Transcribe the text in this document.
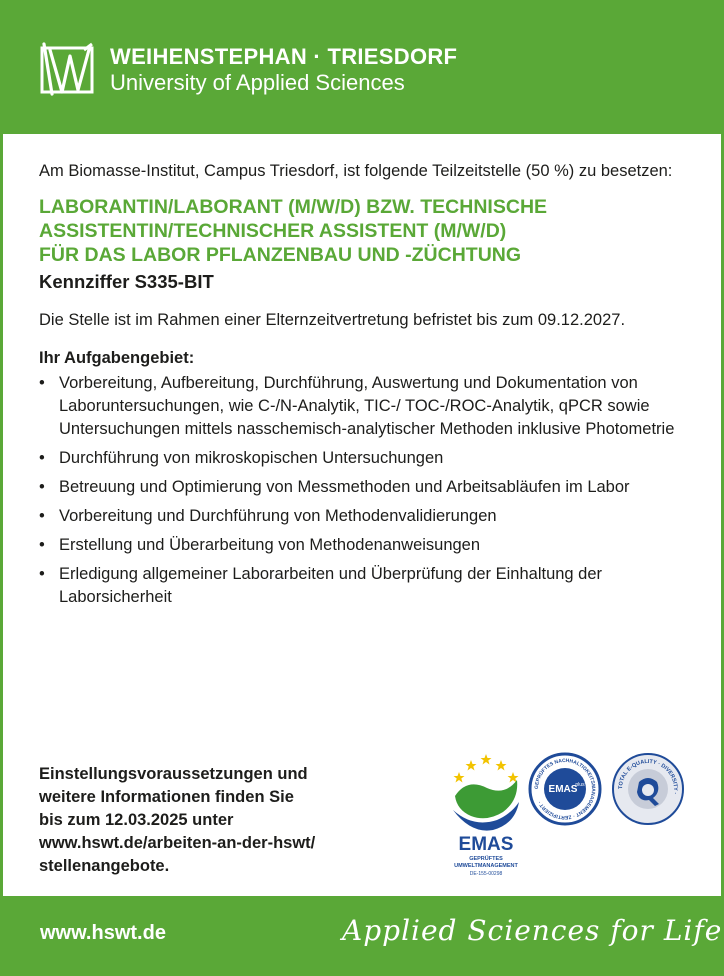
WEIHENSTEPHAN · TRIESDORF
University of Applied Sciences

Am Biomasse-Institut, Campus Triesdorf, ist folgende Teilzeitstelle (50 %) zu besetzen:

LABORANTIN/LABORANT (M/W/D) BZW. TECHNISCHE

ASSISTENTIN/TECHNISCHER ASSISTENT (M/W/D)

FÜR DAS LABOR PFLANZENBAU UND -ZÜCHTUNG

Kennziffer S335-BIT

Die Stelle ist im Rahmen einer Elternzeitvertretung befristet bis zum 09.12.2027.

Ihr Aufgabengebiet:

• Vorbereitung, Aufbereitung, Durchführung, Auswertung und Dokumentation von Laboruntersuchungen, wie C-/N-Analytik, TIC-/ TOC-/ROC-Analytik, qPCR sowie Untersuchungen mittels nasschemisch-analytischer Methoden inklusive Photometrie
• Durchführung von mikroskopischen Untersuchungen
• Betreuung und Optimierung von Messmethoden und Arbeitsabläufen im Labor
• Vorbereitung und Durchführung von Methodenvalidierungen
• Erstellung und Überarbeitung von Methodenanweisungen
• Erledigung allgemeiner Laborarbeiten und Überprüfung der Einhaltung der Laborsicherheit
Einstellungsvoraussetzungen und
weitere Informationen finden Sie
bis zum 12.03.2025 unter
www.hswt.de/arbeiten-an-der-hswt/
stellenangebote.
EMAS
GEPRÜFTES
UMWELTMANAGEMENT
DE-155-00298
GEPRÜFTES NACHHALTIGKEITSMANAGEMENT · ZERTIFIZIERT ·
EMAS
plus	TOTAL E-QUALITY · DIVERSITY ·
www.hswt.de	Applied Sciences for Life
